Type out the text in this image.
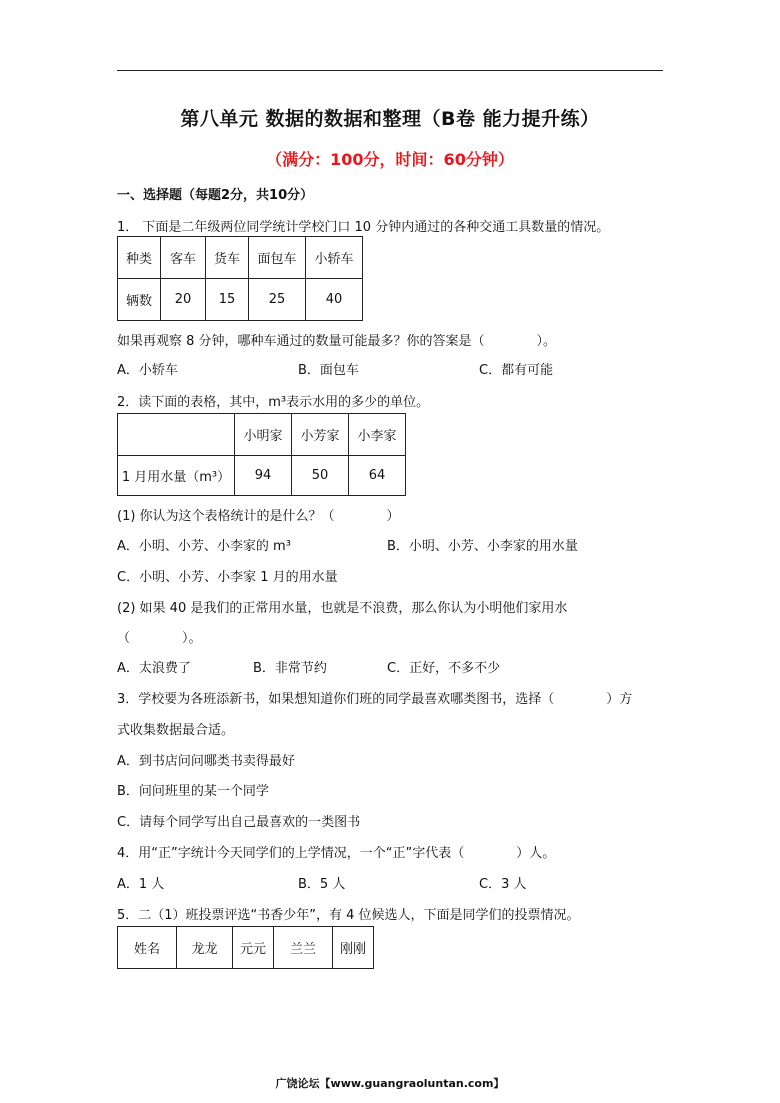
第八单元 数据的数据和整理（B卷 能力提升练）
（满分：100分，时间：60分钟）
一、选择题（每题2分，共10分）
1． 下面是二年级两位同学统计学校门口 10 分钟内通过的各种交通工具数量的情况。
种类	客车	货车	面包车	小轿车
辆数	20	15	25	40
如果再观察 8 分钟，哪种车通过的数量可能最多？你的答案是（　　　　）。
A．小轿车	B．面包车	C．都有可能
2．读下面的表格，其中，m³表示水用的多少的单位。
	小明家	小芳家	小李家
1 月用水量（m³）	94	50	64
(1) 你认为这个表格统计的是什么？（　　　　）
A．小明、小芳、小李家的 m³	B．小明、小芳、小李家的用水量
C．小明、小芳、小李家 1 月的用水量
(2) 如果 40 是我们的正常用水量，也就是不浪费，那么你认为小明他们家用水
（　　　　）。
A．太浪费了	B．非常节约	C．正好，不多不少
3．学校要为各班添新书，如果想知道你们班的同学最喜欢哪类图书，选择（　　　　）方
式收集数据最合适。
A．到书店问问哪类书卖得最好
B．问问班里的某一个同学
C．请每个同学写出自己最喜欢的一类图书
4．用“正”字统计今天同学们的上学情况，一个“正”字代表（　　　　）人。
A．1 人	B．5 人	C．3 人
5．二（1）班投票评选“书香少年”，有 4 位候选人，下面是同学们的投票情况。
姓名	龙龙	元元	兰兰	刚刚
广饶论坛【www.guangraoluntan.com】
